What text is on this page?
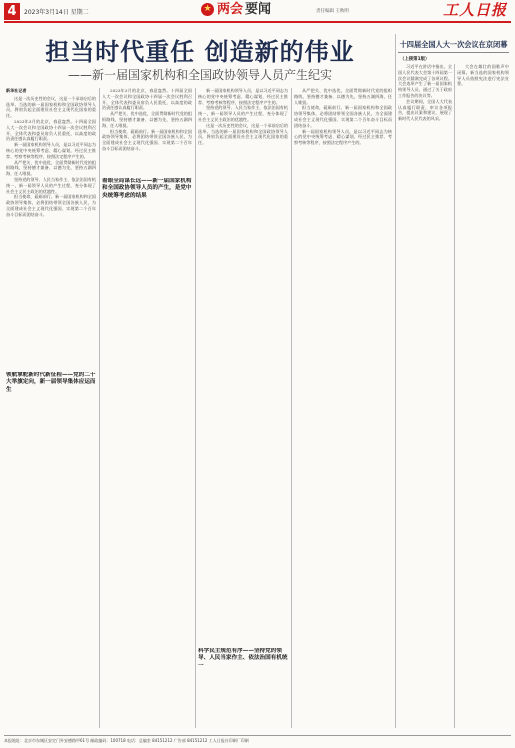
4	2023年3月14日 星期二	★ 两会 要闻	责任编辑 王秋明	工人日报
担当时代重任 创造新的伟业
——新一届国家机构和全国政协领导人员产生纪实

新华社记者

这是一次历史性的会议，这是一个承前启后的选举。当选的新一届国家机构和全国政协领导人员，将肩负起全面建设社会主义现代化国家的重任。

2023年3月的北京，春意盎然。十四届全国人大一次会议和全国政协十四届一次会议胜利召开，全体代表和委员肩负人民重托，以高度的政治责任感认真履行职责。

新一届国家机构领导人员，是以习近平同志为核心的党中央统筹考虑、精心谋划，经过民主推荐、考察考核等程序，按照法定程序产生的。

从严把关、优中选优，全面贯彻新时代党的组织路线，坚持德才兼备、以德为先，坚持五湖四海、任人唯贤。

坚持党的领导、人民当家作主、依法治国有机统一，新一届领导人员的产生过程，充分体现了社会主义民主政治的优越性。

担当使命，砥砺前行。新一届国家机构和全国政协领导集体，必将团结带领全国各族人民，为全面建成社会主义现代化强国、实现第二个百年奋斗目标而团结奋斗。

2023年3月的北京，春意盎然。十四届全国人大一次会议和全国政协十四届一次会议胜利召开，全体代表和委员肩负人民重托，以高度的政治责任感认真履行职责。

从严把关、优中选优，全面贯彻新时代党的组织路线，坚持德才兼备、以德为先，坚持五湖四海、任人唯贤。

担当使命，砥砺前行。新一届国家机构和全国政协领导集体，必将团结带领全国各族人民，为全面建成社会主义现代化强国、实现第二个百年奋斗目标而团结奋斗。

着眼全局谋长远——新一届国家机构和全国政协领导人员的产生，是党中央统筹考虑的结果

新一届国家机构领导人员，是以习近平同志为核心的党中央统筹考虑、精心谋划，经过民主推荐、考察考核等程序，按照法定程序产生的。

坚持党的领导、人民当家作主、依法治国有机统一，新一届领导人员的产生过程，充分体现了社会主义民主政治的优越性。

这是一次历史性的会议，这是一个承前启后的选举。当选的新一届国家机构和全国政协领导人员，将肩负起全面建设社会主义现代化国家的重任。

领航掌舵新时代新征程——党的二十大举旗定向，新一届领导集体应运而生
科学民主规范有序——坚持党的领导、人民当家作主、依法治国有机统一

从严把关、优中选优，全面贯彻新时代党的组织路线，坚持德才兼备、以德为先，坚持五湖四海、任人唯贤。

担当使命，砥砺前行。新一届国家机构和全国政协领导集体，必将团结带领全国各族人民，为全面建成社会主义现代化强国、实现第二个百年奋斗目标而团结奋斗。

新一届国家机构领导人员，是以习近平同志为核心的党中央统筹考虑、精心谋划，经过民主推荐、考察考核等程序，按照法定程序产生的。

十四届全国人大一次会议在京闭幕
（上接第1版）

习近平在讲话中指出，全国人民代表大会第十四届第一次会议圆满完成了各项议程。大会选举产生了新一届国家机构领导人员，通过了关于政府工作报告的决议等。

会议期间，全国人大代表认真履行职责，审议各项报告，提出议案和建议，展现了新时代人民代表的风采。

大会在雄壮的国歌声中闭幕。新当选的国家机构领导人员依照宪法进行宪法宣誓。

本报地址：北京市东城区安定门外安德路甲61号 邮政编码：100718 电话：总编室 84151212 广告部 84151212 工人日报社印刷厂印刷
